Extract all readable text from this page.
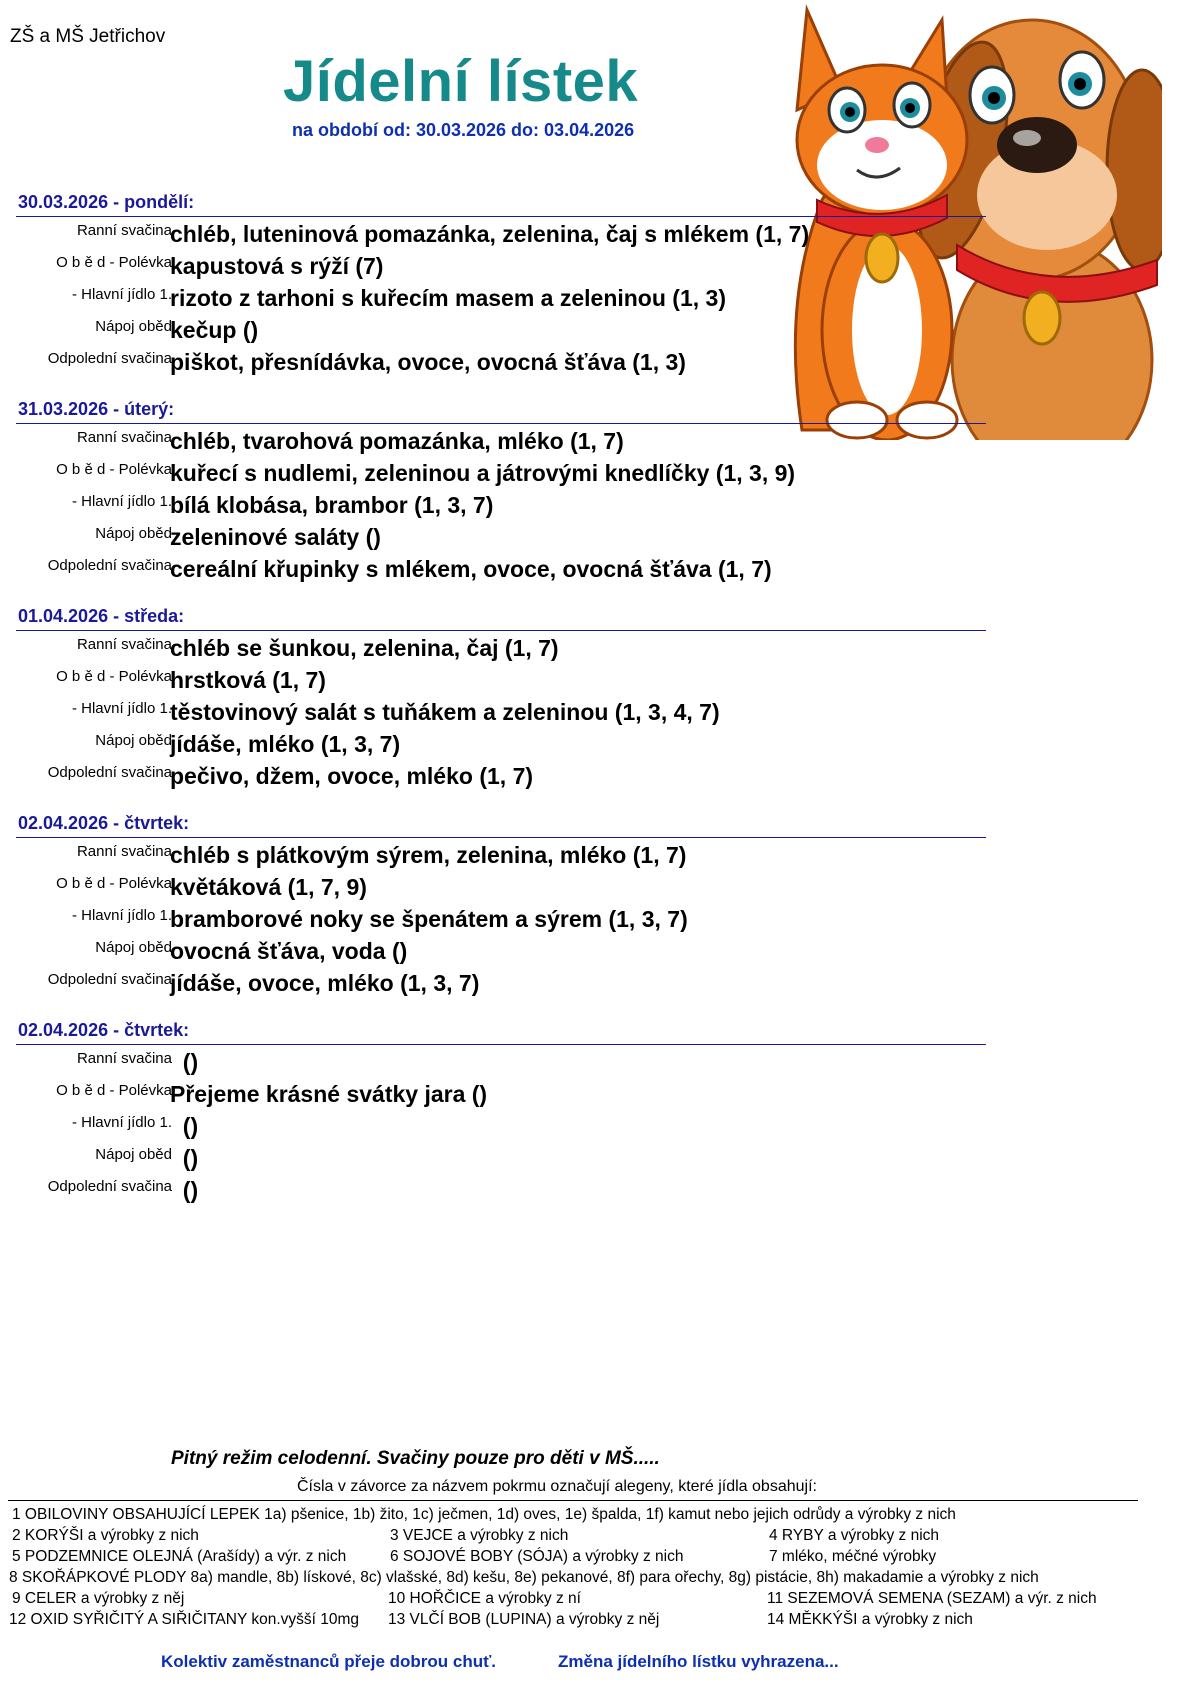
ZŠ a MŠ Jetřichov
Jídelní lístek
na období od: 30.03.2026 do: 03.04.2026
30.03.2026 - pondělí:
Ranní svačina
chléb, luteninová pomazánka, zelenina, čaj s mlékem (1, 7)
O b ě d - Polévka
kapustová s rýží (7)
- Hlavní jídlo 1.
rizoto z tarhoni s kuřecím masem a zeleninou (1, 3)
Nápoj oběd
kečup ()
Odpolední svačina
piškot, přesnídávka, ovoce, ovocná šťáva (1, 3)
31.03.2026 - úterý:
Ranní svačina
chléb, tvarohová pomazánka, mléko (1, 7)
O b ě d - Polévka
kuřecí s nudlemi, zeleninou a játrovými knedlíčky (1, 3, 9)
- Hlavní jídlo 1.
bílá klobása, brambor (1, 3, 7)
Nápoj oběd
zeleninové saláty ()
Odpolední svačina
cereální křupinky s mlékem, ovoce, ovocná šťáva (1, 7)
01.04.2026 - středa:
Ranní svačina
chléb se šunkou, zelenina, čaj (1, 7)
O b ě d - Polévka
hrstková (1, 7)
- Hlavní jídlo 1.
těstovinový salát s tuňákem a zeleninou (1, 3, 4, 7)
Nápoj oběd
jídáše, mléko (1, 3, 7)
Odpolední svačina
pečivo, džem, ovoce, mléko (1, 7)
02.04.2026 - čtvrtek:
Ranní svačina
chléb s plátkovým sýrem, zelenina, mléko (1, 7)
O b ě d - Polévka
květáková (1, 7, 9)
- Hlavní jídlo 1.
bramborové noky se špenátem a sýrem (1, 3, 7)
Nápoj oběd
ovocná šťáva, voda ()
Odpolední svačina
jídáše, ovoce, mléko (1, 3, 7)
02.04.2026 - čtvrtek:
Ranní svačina
()
O b ě d - Polévka
Přejeme krásné svátky jara ()
- Hlavní jídlo 1.
()
Nápoj oběd
()
Odpolední svačina
()
Pitný režim celodenní. Svačiny pouze pro děti v MŠ.....
Čísla v závorce za názvem pokrmu označují alegeny, které jídla obsahují:
1 OBILOVINY OBSAHUJÍCÍ LEPEK 1a) pšenice, 1b) žito, 1c) ječmen, 1d) oves, 1e) špalda, 1f) kamut nebo jejich odrůdy a výrobky z nich
2 KORÝŠI a výrobky z nich	3 VEJCE a výrobky z nich	4 RYBY a výrobky z nich
5 PODZEMNICE OLEJNÁ (Arašídy) a výr. z nich	6 SOJOVÉ BOBY (SÓJA) a výrobky z nich	7 mléko, méčné výrobky
8 SKOŘÁPKOVÉ PLODY 8a) mandle, 8b) lískové, 8c) vlašské, 8d) kešu, 8e) pekanové, 8f) para ořechy, 8g) pistácie, 8h) makadamie a výrobky z nich
9 CELER a výrobky z něj	10 HOŘČICE a výrobky z ní	11 SEZEMOVÁ SEMENA (SEZAM) a výr. z nich
12 OXID SYŘIČITÝ A SIŘIČITANY kon.vyšší 10mg 13 VLČÍ BOB (LUPINA) a výrobky z něj	14 MĚKKÝŠI a výrobky z nich
Kolektiv zaměstnanců přeje dobrou chuť.	Změna jídelního lístku vyhrazena...
